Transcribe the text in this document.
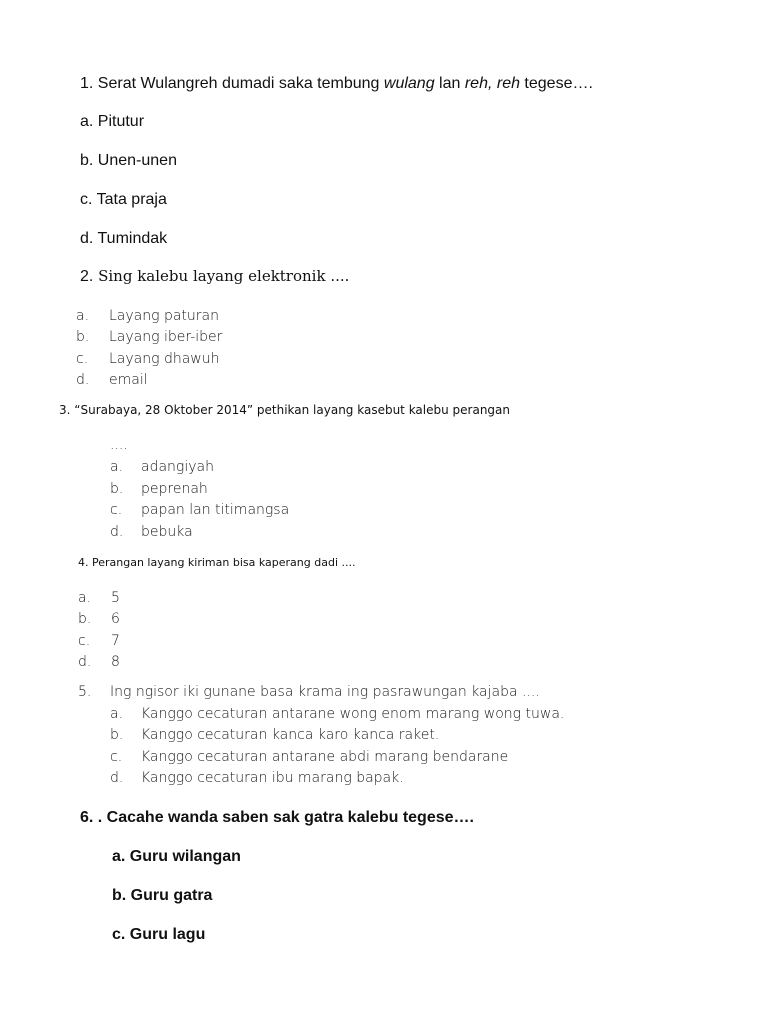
1. Serat Wulangreh dumadi saka tembung wulang lan reh, reh tegese….
a. Pitutur
b. Unen-unen
c. Tata praja
d. Tumindak
2. Sing kalebu layang elektronik ....
a. Layang paturan
b. Layang iber-iber
c. Layang dhawuh
d. email
3. “Surabaya, 28 Oktober 2014” pethikan layang kasebut kalebu perangan
....
a. adangiyah
b. peprenah
c. papan lan titimangsa
d. bebuka
4. Perangan layang kiriman bisa kaperang dadi ....
a. 5
b. 6
c. 7
d. 8
5. Ing ngisor iki gunane basa krama ing pasrawungan kajaba ....
a. Kanggo cecaturan antarane wong enom marang wong tuwa.
b. Kanggo cecaturan kanca karo kanca raket.
c. Kanggo cecaturan antarane abdi marang bendarane
d. Kanggo cecaturan ibu marang bapak.
6. . Cacahe wanda saben sak gatra kalebu tegese….
a. Guru wilangan
b. Guru gatra
c. Guru lagu
